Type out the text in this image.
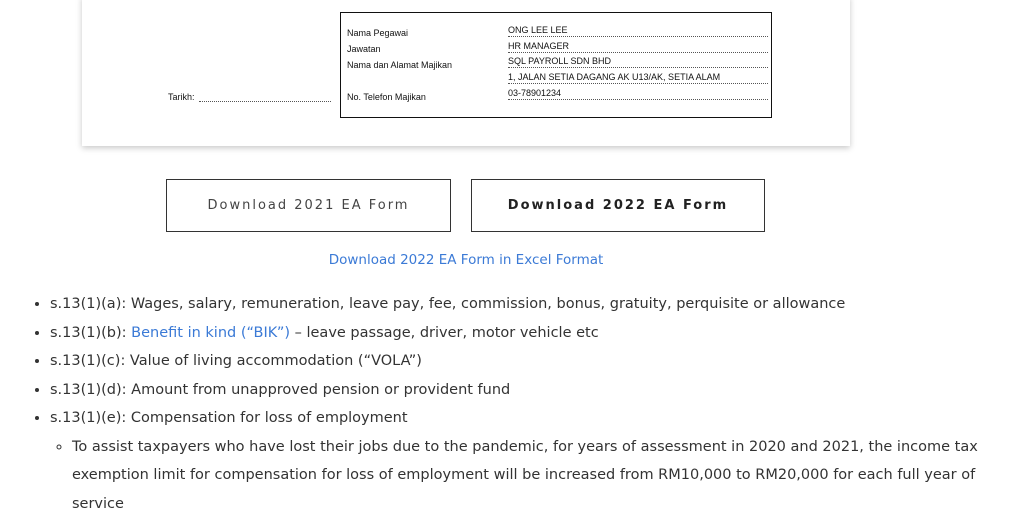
Tarikh:
Nama Pegawai
Jawatan
Nama dan Alamat Majikan
No. Telefon Majikan
ONG LEE LEE
HR MANAGER
SQL PAYROLL SDN BHD
1, JALAN SETIA DAGANG AK U13/AK, SETIA ALAM
03-78901234
Download 2021 EA Form	Download 2022 EA Form
Download 2022 EA Form in Excel Format
• s.13(1)(a): Wages, salary, remuneration, leave pay, fee, commission, bonus, gratuity, perquisite or allowance
• s.13(1)(b): Benefit in kind (“BIK”) – leave passage, driver, motor vehicle etc
• s.13(1)(c): Value of living accommodation (“VOLA”)
• s.13(1)(d): Amount from unapproved pension or provident fund
• s.13(1)(e): Compensation for loss of employment
◦ To assist taxpayers who have lost their jobs due to the pandemic, for years of assessment in 2020 and 2021, the income tax exemption limit for compensation for loss of employment will be increased from RM10,000 to RM20,000 for each full year of service
